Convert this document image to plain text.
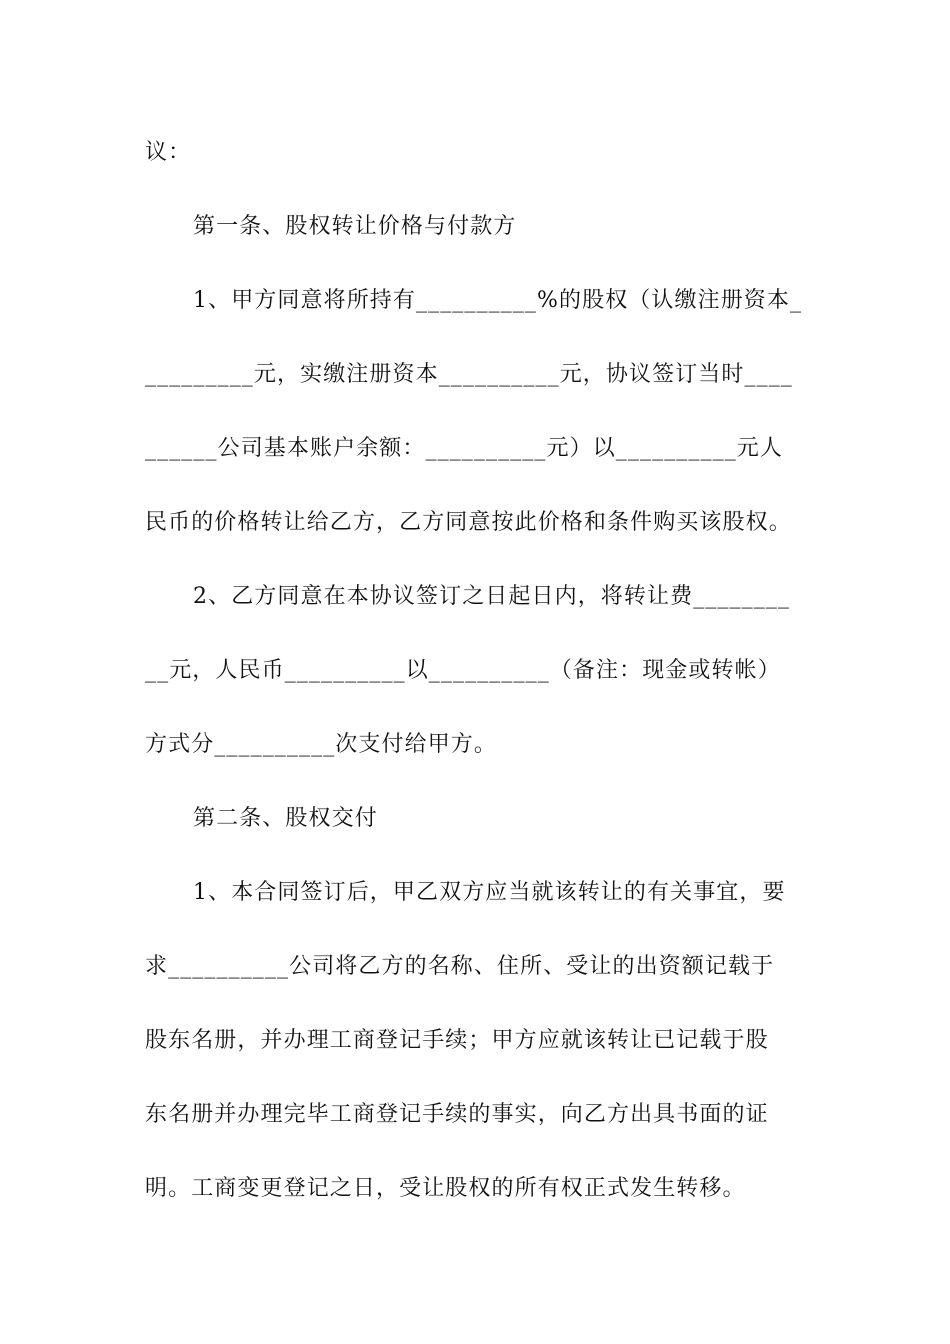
议：
第一条、股权转让价格与付款方
1、甲方同意将所持有__________%的股权（认缴注册资本_
_________元，实缴注册资本__________元，协议签订当时____
______公司基本账户余额：__________元）以__________元人
民币的价格转让给乙方，乙方同意按此价格和条件购买该股权。
2、乙方同意在本协议签订之日起日内，将转让费________
__元，人民币__________以__________（备注：现金或转帐）
方式分__________次支付给甲方。
第二条、股权交付
1、本合同签订后，甲乙双方应当就该转让的有关事宜，要
求__________公司将乙方的名称、住所、受让的出资额记载于
股东名册，并办理工商登记手续；甲方应就该转让已记载于股
东名册并办理完毕工商登记手续的事实，向乙方出具书面的证
明。工商变更登记之日，受让股权的所有权正式发生转移。
